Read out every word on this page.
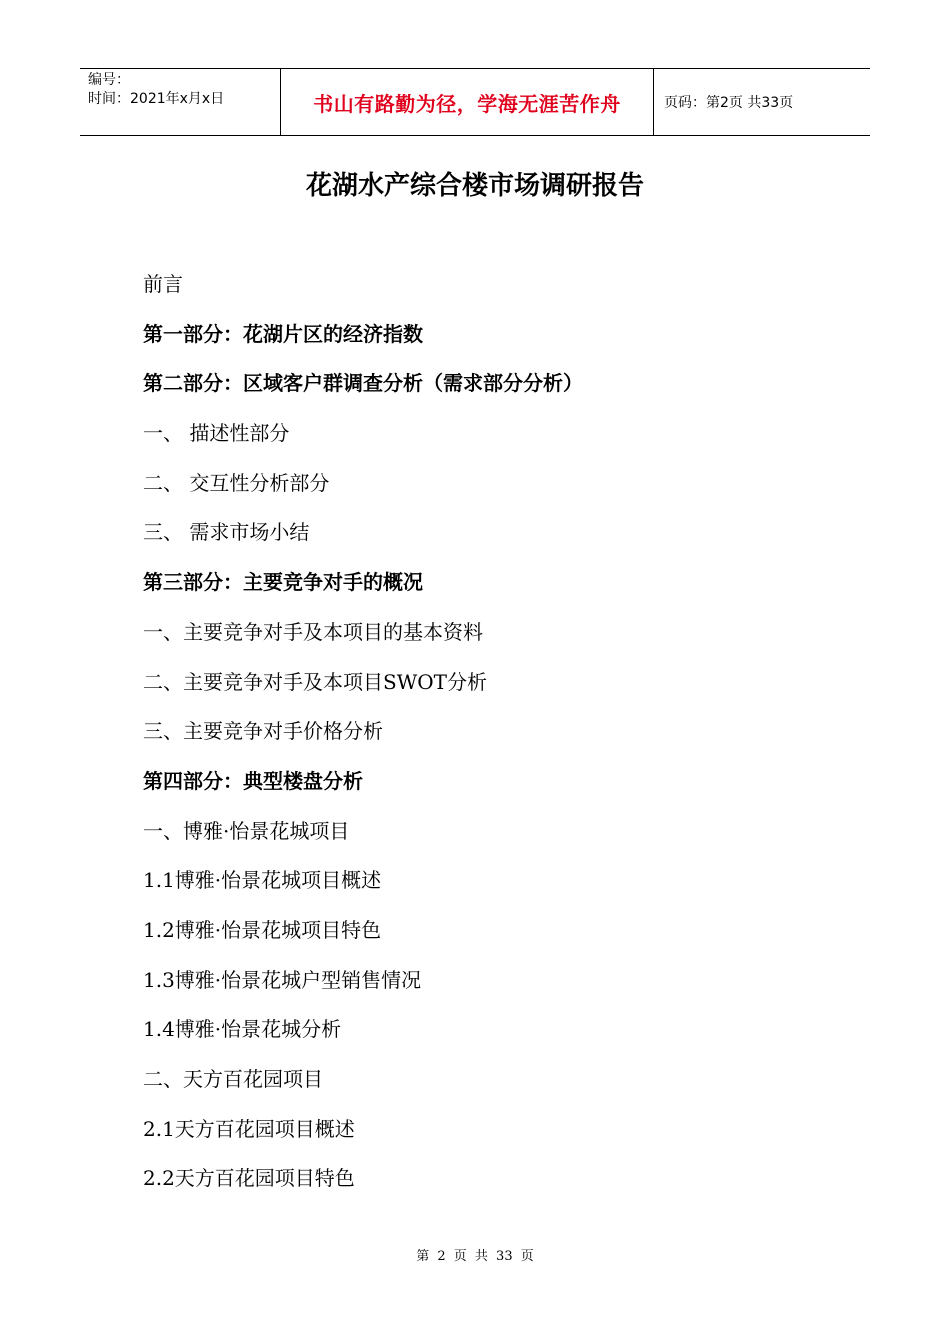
编号：
时间：2021年x月x日	书山有路勤为径，学海无涯苦作舟	页码：第2页 共33页
花湖水产综合楼市场调研报告
前言
第一部分：花湖片区的经济指数
第二部分：区域客户群调查分析（需求部分分析）
一、 描述性部分
二、 交互性分析部分
三、 需求市场小结
第三部分：主要竞争对手的概况
一、主要竞争对手及本项目的基本资料
二、主要竞争对手及本项目SWOT分析
三、主要竞争对手价格分析
第四部分：典型楼盘分析
一、博雅·怡景花城项目
1.1博雅·怡景花城项目概述
1.2博雅·怡景花城项目特色
1.3博雅·怡景花城户型销售情况
1.4博雅·怡景花城分析
二、天方百花园项目
2.1天方百花园项目概述
2.2天方百花园项目特色
第 2 页 共 33 页
